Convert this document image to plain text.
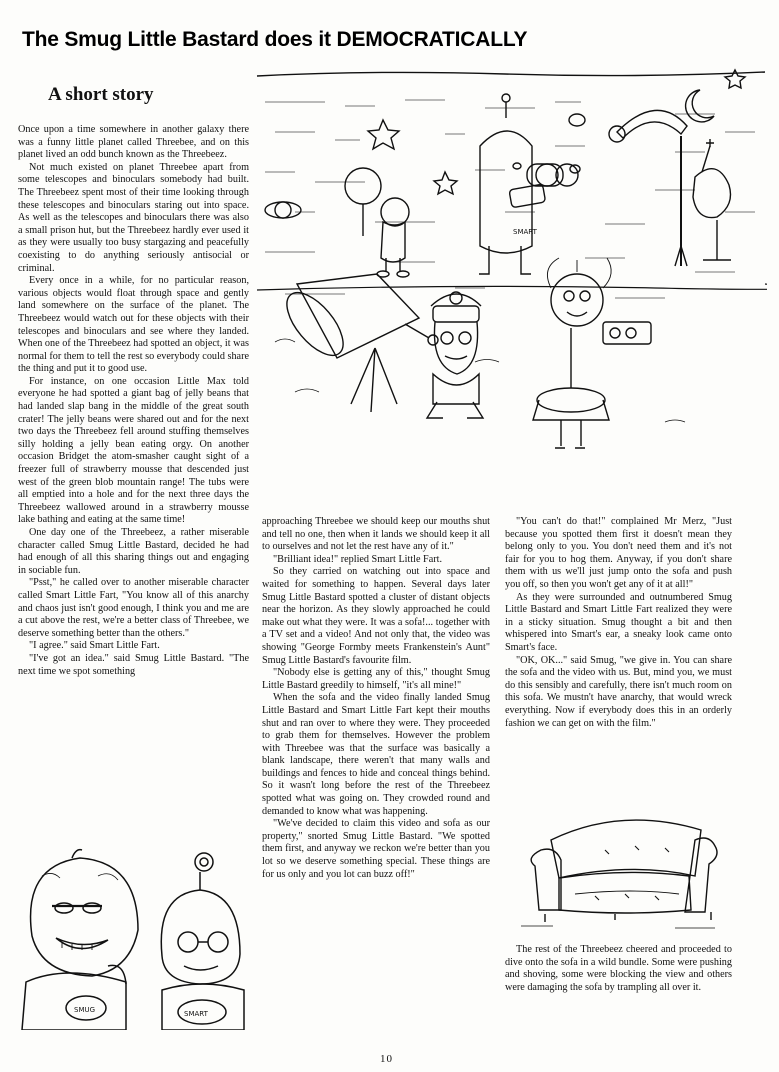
The Smug Little Bastard does it DEMOCRATICALLY
A short story
SMART

Once upon a time somewhere in another galaxy there was a funny little planet called Threebee, and on this planet lived an odd bunch known as the Threebeez.

Not much existed on planet Threebee apart from some telescopes and binoculars somebody had built. The Threebeez spent most of their time looking through these telescopes and binoculars staring out into space. As well as the telescopes and binoculars there was also a small prison hut, but the Threebeez hardly ever used it as they were usually too busy stargazing and peacefully coexisting to do anything seriously antisocial or criminal.

Every once in a while, for no particular reason, various objects would float through space and gently land somewhere on the surface of the planet. The Threebeez would watch out for these objects with their telescopes and binoculars and see where they landed. When one of the Threebeez had spotted an object, it was normal for them to tell the rest so everybody could share the thing and put it to good use.

For instance, on one occasion Little Max told everyone he had spotted a giant bag of jelly beans that had landed slap bang in the middle of the great south crater! The jelly beans were shared out and for the next two days the Threebeez fell around stuffing themselves silly holding a jelly bean eating orgy. On another occasion Bridget the atom-smasher caught sight of a freezer full of strawberry mousse that descended just west of the green blob mountain range! The tubs were all emptied into a hole and for the next three days the Threebeez wallowed around in a strawberry mousse lake bathing and eating at the same time!

One day one of the Threebeez, a rather miserable character called Smug Little Bastard, decided he had had enough of all this sharing things out and engaging in sociable fun.

"Psst," he called over to another miserable character called Smart Little Fart, "You know all of this anarchy and chaos just isn't good enough, I think you and me are a cut above the rest, we're a better class of Threebee, we deserve something better than the others."

"I agree." said Smart Little Fart.

"I've got an idea." said Smug Little Bastard. "The next time we spot something

approaching Threebee we should keep our mouths shut and tell no one, then when it lands we should keep it all to ourselves and not let the rest have any of it."

"Brilliant idea!" replied Smart Little Fart.

So they carried on watching out into space and waited for something to happen. Several days later Smug Little Bastard spotted a cluster of distant objects near the horizon. As they slowly approached he could make out what they were. It was a sofa!... together with a TV set and a video! And not only that, the video was showing "George Formby meets Frankenstein's Aunt" Smug Little Bastard's favourite film.

"Nobody else is getting any of this," thought Smug Little Bastard greedily to himself, "it's all mine!"

When the sofa and the video finally landed Smug Little Bastard and Smart Little Fart kept their mouths shut and ran over to where they were. They proceeded to grab them for themselves. However the problem with Threebee was that the surface was basically a blank landscape, there weren't that many walls and buildings and fences to hide and conceal things behind. So it wasn't long before the rest of the Threebeez spotted what was going on. They crowded round and demanded to know what was happening.

"We've decided to claim this video and sofa as our property," snorted Smug Little Bastard. "We spotted them first, and anyway we reckon we're better than you lot so we deserve something special. These things are for us only and you lot can buzz off!"

"You can't do that!" complained Mr Merz, "Just because you spotted them first it doesn't mean they belong only to you. You don't need them and it's not fair for you to hog them. Anyway, if you don't share them with us we'll just jump onto the sofa and push you off, so then you won't get any of it at all!"

As they were surrounded and outnumbered Smug Little Bastard and Smart Little Fart realized they were in a sticky situation. Smug thought a bit and then whispered into Smart's ear, a sneaky look came onto Smart's face.

"OK, OK..." said Smug, "we give in. You can share the sofa and the video with us. But, mind you, we must do this sensibly and carefully, there isn't much room on this sofa. We mustn't have anarchy, that would wreck everything. Now if everybody does this in an orderly fashion we can get on with the film."

The rest of the Threebeez cheered and proceeded to dive onto the sofa in a wild bundle. Some were pushing and shoving, some were blocking the view and others were damaging the sofa by trampling all over it.

SMUG	SMART
10
